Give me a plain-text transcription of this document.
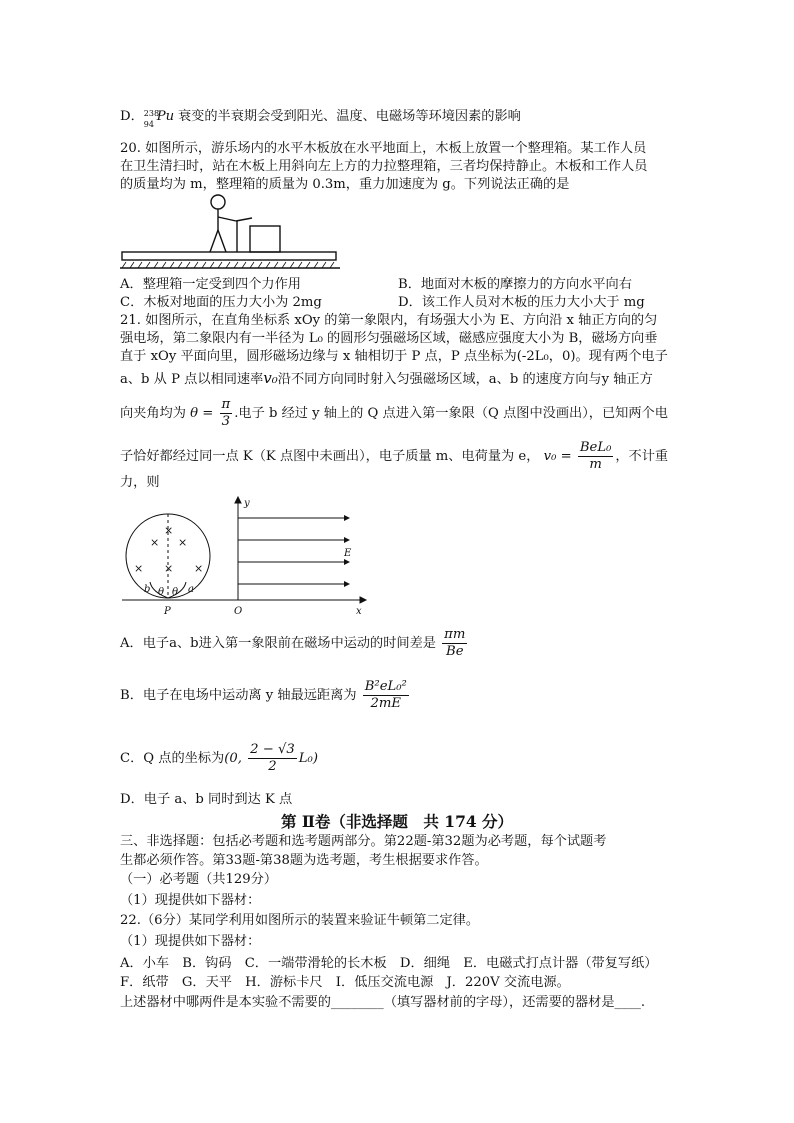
D． 238
94
Pu 衰变的半衰期会受到阳光、温度、电磁场等环境因素的影响
20. 如图所示，游乐场内的水平木板放在水平地面上，木板上放置一个整理箱。某工作人员
在卫生清扫时，站在木板上用斜向左上方的力拉整理箱，三者均保持静止。木板和工作人员
的质量均为 m，整理箱的质量为 0.3m，重力加速度为 g。下列说法正确的是
A．整理箱一定受到四个力作用	B．地面对木板的摩擦力的方向水平向右
C．木板对地面的压力大小为 2mg	D．该工作人员对木板的压力大小大于 mg
21. 如图所示，在直角坐标系 xOy 的第一象限内，有场强大小为 E、方向沿 x 轴正方向的匀
强电场，第二象限内有一半径为 L₀ 的圆形匀强磁场区域，磁感应强度大小为 B，磁场方向垂
直于 xOy 平面向里，圆形磁场边缘与 x 轴相切于 P 点，P 点坐标为(-2L₀，0)。现有两个电子
a、b 从 P 点以相同速率v₀沿不同方向同时射入匀强磁场区域，a、b 的速度方向与y 轴正方
向夹角均为 $\theta = \frac{\pi}{3}$ .电子 b 经过 y 轴上的 Q 点进入第一象限（Q 点图中没画出），已知两个电
子恰好都经过同一点 K（K 点图中未画出），电子质量 m、电荷量为 e， $v_0 = \frac{\text{BeL₀}}{m}$ ，不计重
力，则
× ×
×
×	×
×
y
x
O
P
E
b	a
θ θ
A．电子a、b进入第一象限前在磁场中运动的时间差是 $\frac{\pi m}{Be}$
B．电子在电场中运动离 y 轴最远距离为 $\frac{\text{B²eL₀²}}{2mE}$
C．Q 点的坐标为(0, $\frac{2 - √3}{2} L_0$)
D．电子 a、b 同时到达 K 点
第 Ⅱ卷（非选择题　共 174 分）
三、非选择题：包括必考题和选考题两部分。第22题-第32题为必考题，每个试题考
生都必须作答。第33题-第38题为选考题，考生根据要求作答。
（一）必考题（共129分）
（1）现提供如下器材：
22.（6分）某同学利用如图所示的装置来验证牛顿第二定律。
（1）现提供如下器材：
A．小车　B．钩码　C．一端带滑轮的长木板　D．细绳　E．电磁式打点计器（带复写纸）
F．纸带　G．天平　H．游标卡尺　I．低压交流电源　J．220V 交流电源。
上述器材中哪两件是本实验不需要的________（填写器材前的字母），还需要的器材是____.
